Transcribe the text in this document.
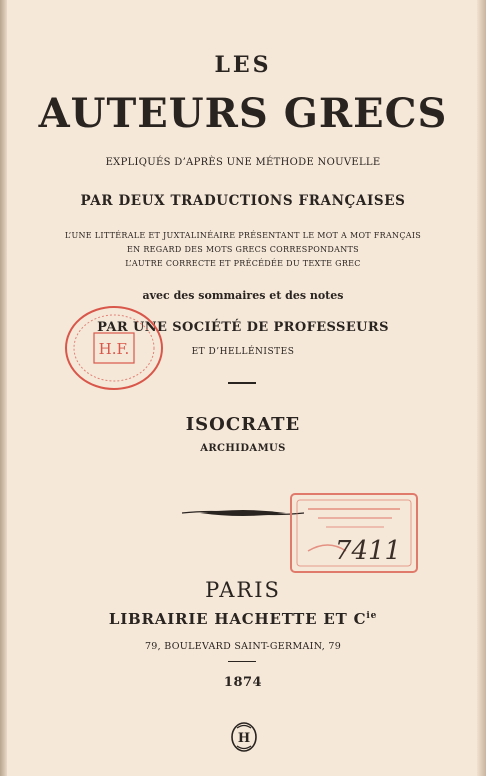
LES
AUTEURS GRECS
EXPLIQUÉS D’APRÈS UNE MÉTHODE NOUVELLE
PAR DEUX TRADUCTIONS FRANÇAISES
L’UNE LITTÉRALE ET JUXTALINÉAIRE PRÉSENTANT LE MOT A MOT FRANÇAIS
EN REGARD DES MOTS GRECS CORRESPONDANTS
L’AUTRE CORRECTE ET PRÉCÉDÉE DU TEXTE GREC
avec des sommaires et des notes
PAR UNE SOCIÉTÉ DE PROFESSEURS
ET D’HELLÉNISTES
ISOCRATE
ARCHIDAMUS
PARIS
LIBRAIRIE HACHETTE ET $C^{ie}$
79, BOULEVARD SAINT-GERMAIN, 79
1874
H.F.
7411
H
